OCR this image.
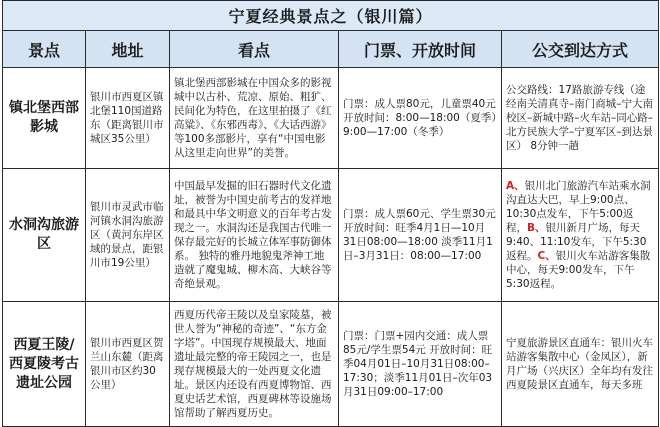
宁夏经典景点之（银川篇）				
景点	地址	看点	门票、开放时间	公交到达方式
镇北堡西部影城	银川市西夏区镇北堡110国道路东（距离银川市城区35公里）	镇北堡西部影城在中国众多的影视城中以古朴、荒凉、原始、粗犷、民间化为特色，在这里拍摄了《红高粱》、《东邪西毒》、《大话西游》等100多部影片，享有“中国电影从这里走向世界”的美誉。	门票：成人票80元，儿童票40元 开放时间：8:00—18:00（夏季）9:00—17:00（冬季）	公交路线：17路旅游专线（途经南关清真寺–南门商城–宁大南校区–新城中路–火车站–同心路–北方民族大学–宁夏军区–到达景区） 8分钟一趟
水洞沟旅游区	银川市灵武市临河镇水洞沟旅游区（黄河东岸区域的景点，距银川市19公里）	中国最早发掘的旧石器时代文化遗址，被誉为中国史前考古的发祥地和最具中华文明意义的百年考古发现之一。水洞沟还是我国古代唯一保存最完好的长城立体军事防御体系。 独特的雅丹地貌鬼斧神工地造就了魔鬼城、柳木高、大峡谷等奇绝景观。	门票：成人票60元、学生票30元 开放时间：旺季4月1日—10月31日08:00—18:00 淡季11月1日–3月31日：08:00—17:00	A、银川北门旅游汽车站乘水洞沟直达大巴，早上9:00点、10:30点发车，下午5:00返程，B、银川新月广场，每天9:40、11:10发车，下午5:30返程。C、银川火车站游客集散中心，每天9:00发车，下午5:30返程。
西夏王陵/西夏陵考古遗址公园	银川市西夏区贺兰山东麓（距离银川市区约30公里）	西夏历代帝王陵以及皇家陵墓，被世人誉为“神秘的奇迹”、“东方金字塔”。中国现存规模最大、地面遗址最完整的帝王陵园之一，也是现存规模最大的一处西夏文化遗址。景区内还设有西夏博物馆、西夏史话艺术馆，西夏碑林等设施场馆帮助了解西夏历史。	门票：门票+园内交通：成人票85元/学生票54元 开放时间：旺季04月01日–10月31日08:00–17:30；淡季11月01日–次年03月31日09:00–17:00	宁夏旅游景区直通车：银川火车站游客集散中心（金凤区），新月广场（兴庆区）全年均有发往西夏陵景区直通车，每天多班
